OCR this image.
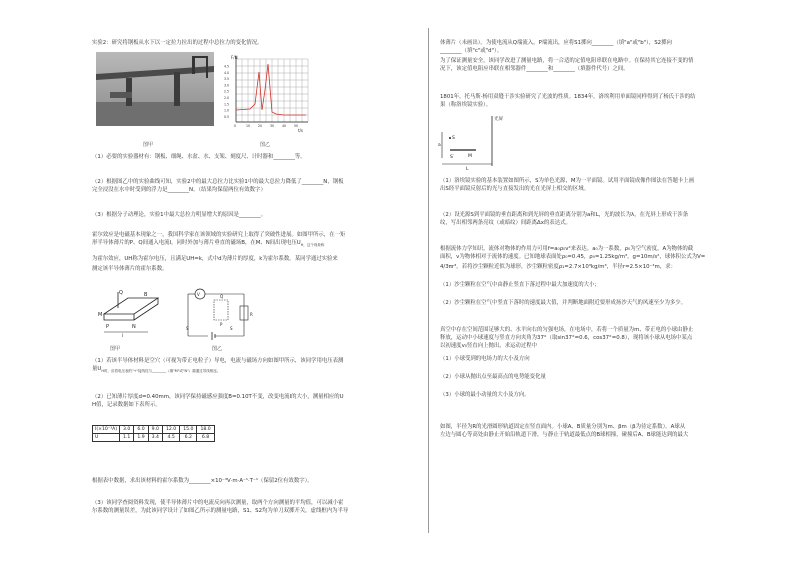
实验2：研究将钢板从水下以一定拉力拉出的过程中总拉力的变化情况。
图甲
F/N
4.5
4.0
3.5
3.0
2.5
2.0
1.5
1.0
0.5
0	10 20 30 40 50
t/s
图乙
（1）必要的实验器材有：钢板、细绳、水盆、水、支架、刻度尺、计时器和________等。
（2）根据图乙中的实验曲线可知，实验2中的最大总拉力比实验1中的最大总拉力降低了________N，钢板
完全浸没在水中时受到的浮力是________N。（结果均保留两位有效数字）
（3）根据分子动理论，实验1中最大总拉力明显增大的原因是________。
霍尔效应是电磁基本现象之一，我国科学家在该领域的实验研究上取得了突破性进展。如图甲所示，在一矩
形半导体薄片的P、Q间通入电流I，同时外加与薄片垂直的磁场B，在M、N间出现电压$U_{H,这个现象称}$
为霍尔效应，UH称为霍尔电压，且满足UH=k，式中d为薄片的厚度，k为霍尔系数。某同学通过实验来
测定该半导体薄片的霍尔系数。
Q	B
M
P	N
I
图甲
V
S	S
Q
P
R
图乙
（1）若该半导体材料是空穴（可视为带正电粒子）导电，电流与磁场方向如图甲所示，该同学用电压表测
量$U_{H时,应将电压表的"+"接线柱与\_\_\_\_\_\_\_\_(填"M"或"N")端通过导线相连。}$
（2）已知薄片厚度d=0.40mm，该同学保持磁感应强度B=0.10T不变，改变电流I的大小，测量相应的U
H值，记录数据如下表所示。
I(×10⁻³A)	3.0	6.0	9.0	12.0	15.0	18.0
U	1.1	1.9	3.4	4.5	6.2	6.8
根据表中数据，求出该材料的霍尔系数为________×10⁻³V·m·A⁻¹·T⁻¹（保留2位有效数字）。
（3）该同学查阅资料发现，使半导体薄片中的电流反向再次测量，取两个方向测量的平均值，可以减小霍
尔系数的测量误差，为此该同学设计了如图乙所示的测量电路，S1、S2均为单刀双掷开关，虚线框内为半导
体薄片（未画出）。为使电流从Q端流入，P端流出，应将S1掷向________（填"a"或"b"），S2掷向
________（填"c"或"d"）。
为了保证测量安全，该同学改进了测量电路，将一合适的定值电阻串联在电路中。在保持其它连接不变的情
况下，该定值电阻应串联在相邻器件________和________（填器件代号）之间。
1801年，托马斯·杨用双缝干涉实验研究了光波的性质。1834年，洛埃利用单面镜同样得到了杨氏干涉的结
果（称洛埃镜实验）。
光屏
S
a
S′	M
L
（1）洛埃镜实验的基本装置如图所示，S为单色光源，M为一平面镜。试用平面镜成像作图法在答题卡上画
出S经平面镜反射后的光与直接发出的光在光屏上相交的区域。
（2）设光源S到平面镜的垂直距离和到光屏的垂直距离分别为a和L，光的波长为λ，在光屏上形成干涉条
纹，写出相邻两条亮纹（或暗纹）间距离Δx的表达式。
根据流体力学知识，流体对物体的作用力可用f=a₀ρ₀v²来表达。a₀为一系数，ρ₀为空气密度，A为物体的截
面积，v为物体相对于流体的速度。已知地球表面处ρ₀=0.45，ρ₀=1.25kg/m³，g=10m/s²，球体积公式为V=
4/3πr³。若将沙尘颗粒近似为球形，沙尘颗粒密度ρ₁=2.7×10³kg/m³，半径r=2.5×10⁻⁴m，求：
（1）沙尘颗粒在空气中由静止竖直下落过程中最大加速度的大小；
（2）沙尘颗粒在空气中竖直下落时的速度最大值，并判断地面附近要形成扬沙天气的风速至少为多少。
真空中存在空间范围足够大的、水平向右的匀强电场，在电场中，若将一个质量为m、带正电的小球由静止
释放，运动中小球速度与竖直方向夹角为37°（取sin37°=0.6，cos37°=0.8），现将该小球从电场中某点
以初速度v₀竖直向上抛出，求运动过程中
（1）小球受到的电场力的大小及方向
（2）小球从抛出点至最高点的电势能变化量
（3）小球的最小动量的大小及方向。
如图，半径为R的光滑圆形轨道固定在竖直面内。小球A、B质量分别为m、βm（β为待定系数）。A球从
左边与圆心等高处由静止开始沿轨道下滑，与静止于轨道最低点的B球相撞，碰撞后A、B球能达到的最大
